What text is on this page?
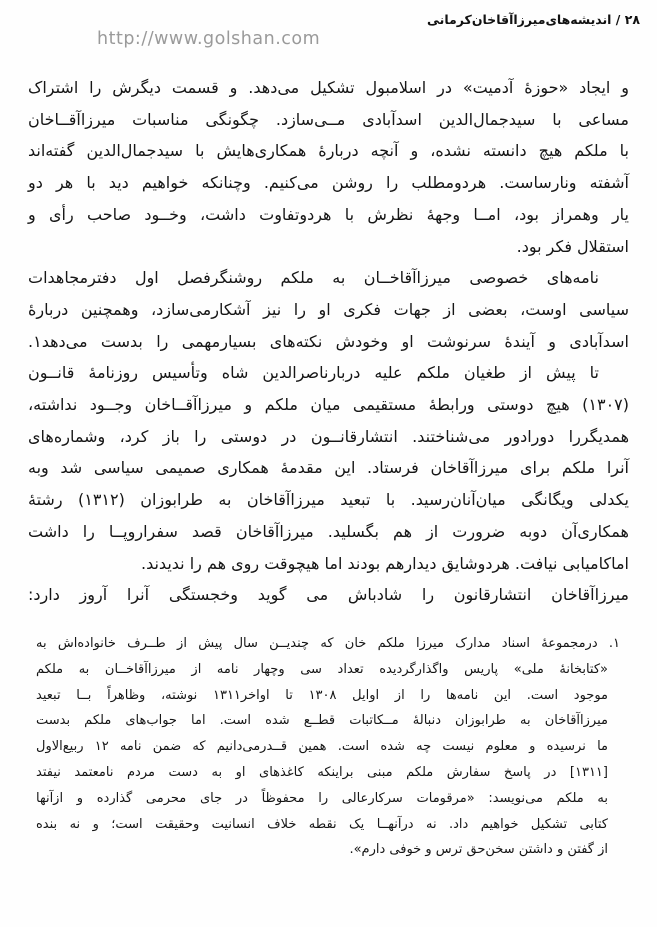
۲۸ / اندیشه‌های‌میرزاآقاخان‌کرمانی
http://www.golshan.com

و ایجاد «حوزهٔ آدمیت» در اسلامبول تشکیل می‌دهد. و قسمت دیگرش را اشتراک
مساعی با سیدجمال‌الدین اسدآبادی مــی‌سازد. چگونگی مناسبات میرزاآقــاخان
با ملکم هیچ دانسته نشده، و آنچه دربارهٔ همکاری‌هایش با سیدجمال‌الدین گفته‌اند
آشفته ونارساست. هردومطلب را روشن می‌کنیم. وچنانکه خواهیم دید با هر دو
یار وهمراز بود، امــا وجههٔ نظرش با هردوتفاوت داشت، وخــود صاحب رأی و
استقلال فکر بود.

نامه‌های خصوصی میرزاآقاخــان به ملکم روشنگرفصل اول دفترمجاهدات
سیاسی اوست، بعضی از جهات فکری او را نیز آشکارمی‌سازد، وهمچنین دربارهٔ
اسدآبادی و آیندهٔ سرنوشت او وخودش نکته‌های بسیارمهمی را بدست می‌دهد۱.

تا پیش از طغیان ملکم علیه دربارناصرالدین شاه وتأسیس روزنامهٔ قانــون
(۱۳۰۷) هیچ دوستی ورابطهٔ مستقیمی میان ملکم و میرزاآقــاخان وجــود نداشته،
همدیگررا دورادور می‌شناختند. انتشارقانــون در دوستی را باز کرد، وشماره‌های
آنرا ملکم برای میرزاآقاخان فرستاد. این مقدمهٔ همکاری صمیمی سیاسی شد وبه
یکدلی ویگانگی میان‌آنان‌رسید. با تبعید میرزاآقاخان به طرابوزان (۱۳۱۲) رشتهٔ
همکاری‌آن دوبه ضرورت از هم بگسلید. میرزاآقاخان قصد سفراروپــا را داشت
اماکامیابی نیافت. هردوشایق دیدارهم بودند اما هیچوقت روی هم را ندیدند.

میرزاآقاخان انتشارقانون را شادباش می گوید وخجستگی آنرا آروز دارد:

۱. درمجموعهٔ اسناد مدارک میرزا ملکم خان که چندیــن سال پیش از طــرف خانواده‌اش به
«کتابخانهٔ ملی» پاریس واگذارگردیده تعداد سی وچهار نامه از میرزاآقاخــان به ملکم
موجود است. این نامه‌ها را از اوایل ۱۳۰۸ تا اواخر۱۳۱۱ نوشته، وظاهراً بــا تبعید
میرزاآقاخان به طرابوزان دنبالهٔ مــکاتبات قطــع شده است. اما جواب‌های ملکم بدست
ما نرسیده و معلوم نیست چه شده است. همین قــدرمی‌دانیم که ضمن نامه ۱۲ ربیع‌الاول
[۱۳۱۱] در پاسخ سفارش ملکم مبنی براینکه کاغذهای او به دست مردم نامعتمد نیفتد
به ملکم می‌نویسد: «مرقومات سرکارعالی را محفوظاً در جای محرمی گذارده و ازآنها
کتابی تشکیل خواهیم داد. نه درآنهــا یک نقطه خلاف انسانیت وحقیقت است؛ و نه بنده
از گفتن و داشتن سخن‌حق ترس و خوفی دارم».
